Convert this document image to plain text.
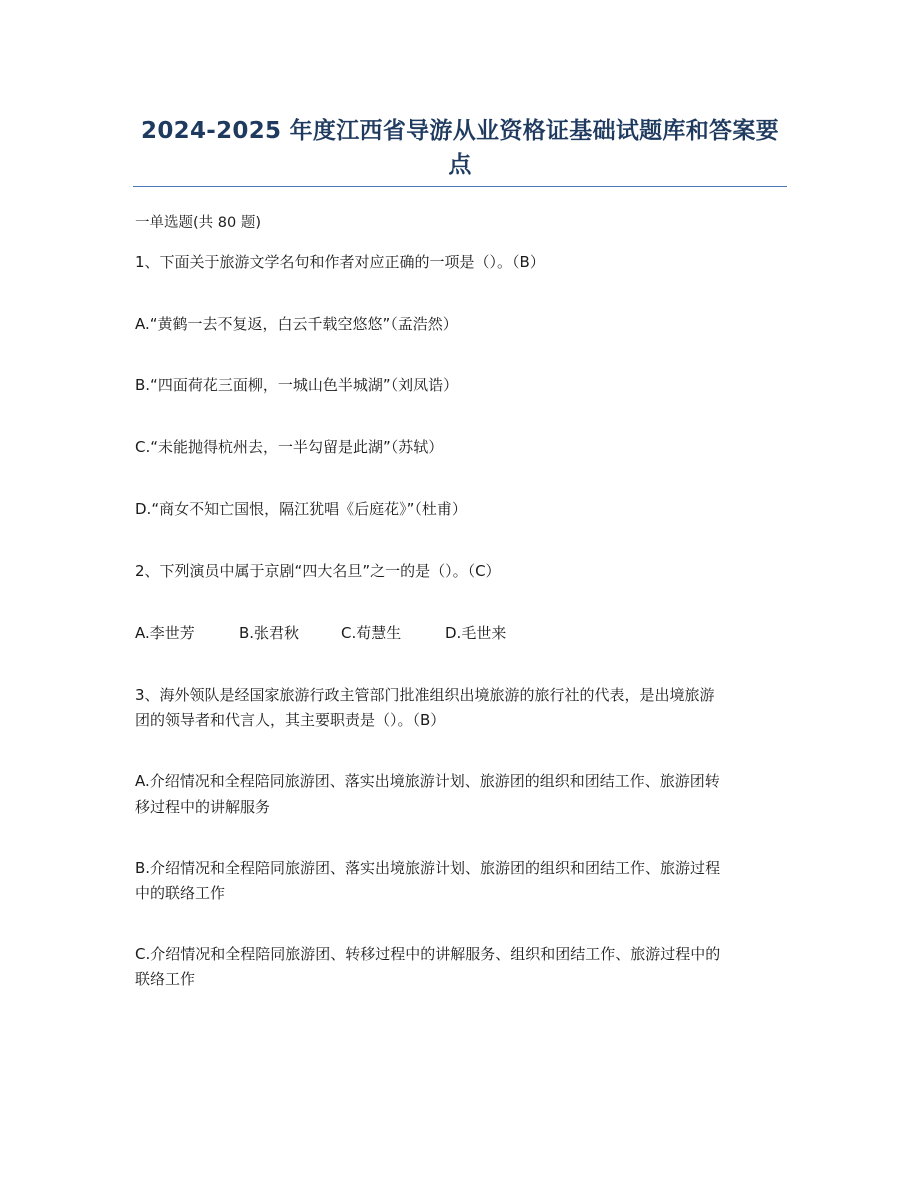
2024-2025 年度江西省导游从业资格证基础试题库和答案要
点
一单选题(共 80 题)
1、下面关于旅游文学名句和作者对应正确的一项是（）。（B）
A.“黄鹤一去不复返，白云千载空悠悠”（孟浩然）
B.“四面荷花三面柳，一城山色半城湖”（刘凤诰）
C.“未能抛得杭州去，一半勾留是此湖”（苏轼）
D.“商女不知亡国恨，隔江犹唱《后庭花》”（杜甫）
2、下列演员中属于京剧“四大名旦”之一的是（）。（C）
A.李世芳	B.张君秋	C.荀慧生	D.毛世来
3、海外领队是经国家旅游行政主管部门批准组织出境旅游的旅行社的代表，是出境旅游
团的领导者和代言人，其主要职责是（）。（B）
A.介绍情况和全程陪同旅游团、落实出境旅游计划、旅游团的组织和团结工作、旅游团转
移过程中的讲解服务
B.介绍情况和全程陪同旅游团、落实出境旅游计划、旅游团的组织和团结工作、旅游过程
中的联络工作
C.介绍情况和全程陪同旅游团、转移过程中的讲解服务、组织和团结工作、旅游过程中的
联络工作
